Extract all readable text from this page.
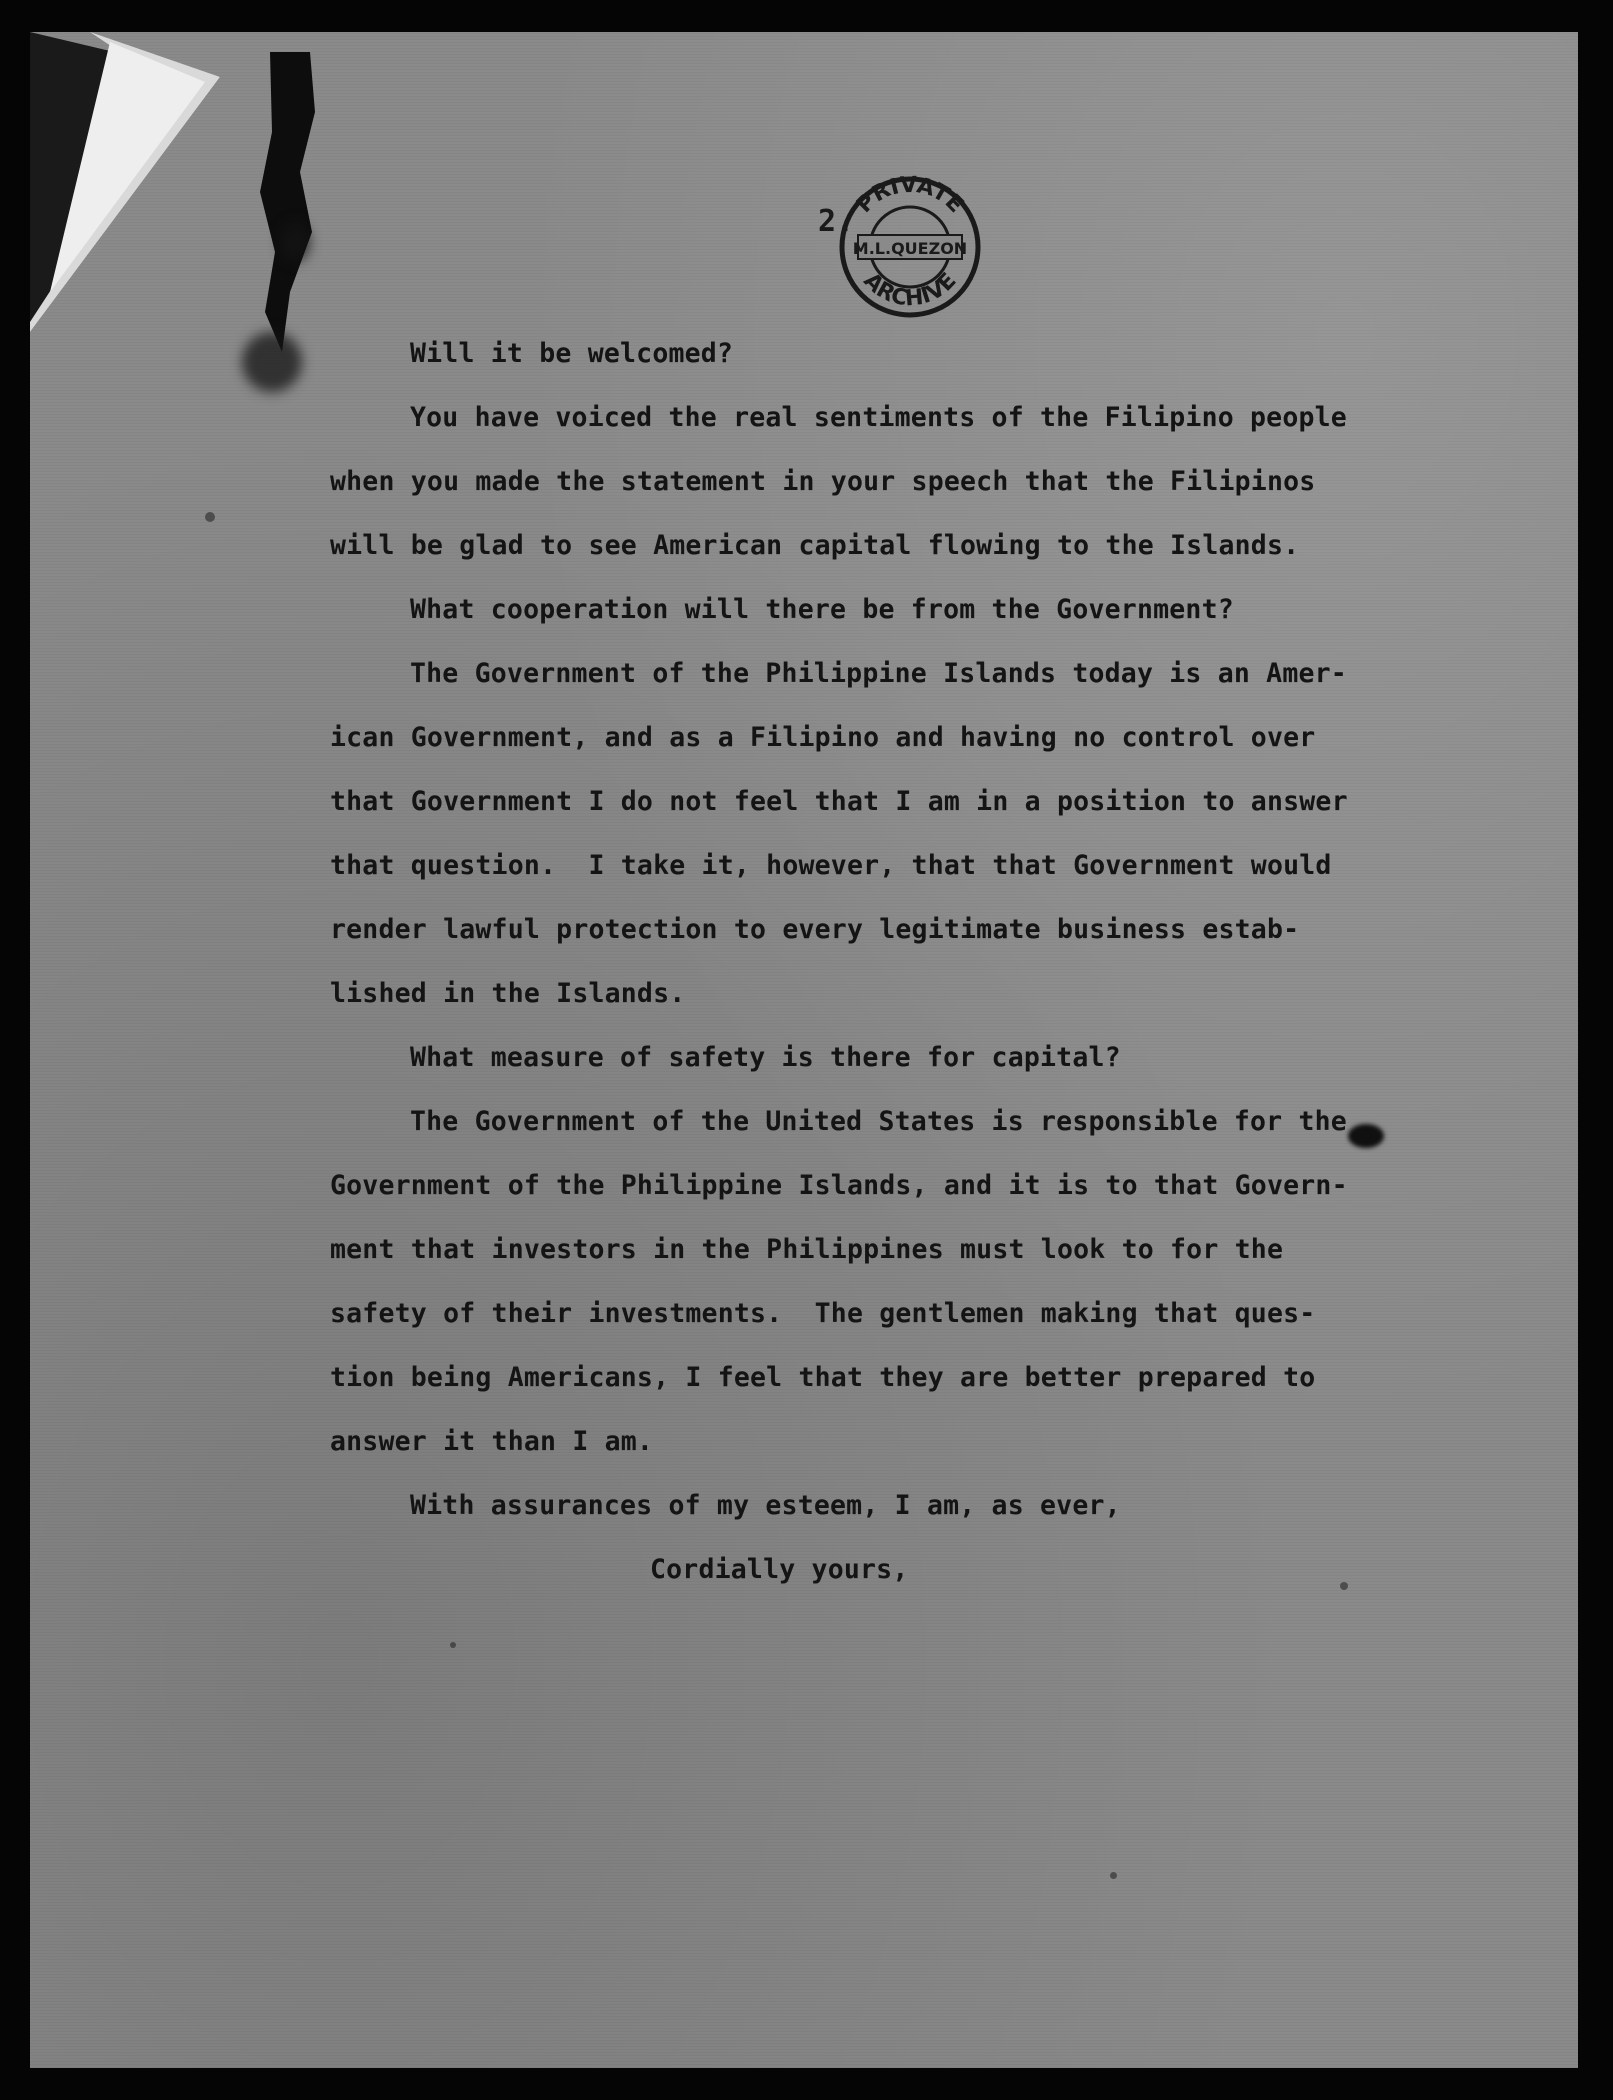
2.
PRIVATE
M.L.QUEZON
ARCHIVE
Will it be welcomed?
You have voiced the real sentiments of the Filipino people
when you made the statement in your speech that the Filipinos
will be glad to see American capital flowing to the Islands.
What cooperation will there be from the Government?
The Government of the Philippine Islands today is an Amer-
ican Government, and as a Filipino and having no control over
that Government I do not feel that I am in a position to answer
that question.  I take it, however, that that Government would
render lawful protection to every legitimate business estab-
lished in the Islands.
What measure of safety is there for capital?
The Government of the United States is responsible for the
Government of the Philippine Islands, and it is to that Govern-
ment that investors in the Philippines must look to for the
safety of their investments.  The gentlemen making that ques-
tion being Americans, I feel that they are better prepared to
answer it than I am.
With assurances of my esteem, I am, as ever,
Cordially yours,
